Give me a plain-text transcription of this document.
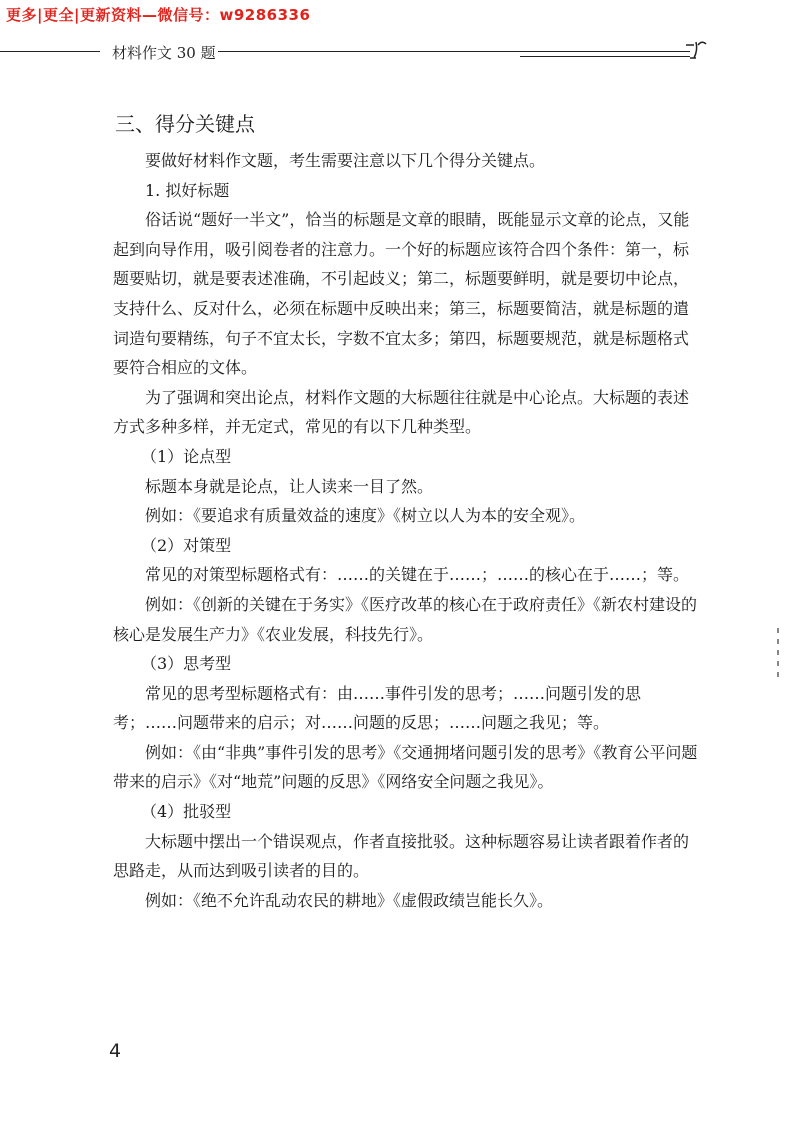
更多|更全|更新资料—微信号：w9286336
材料作文 30 题
三、得分关键点

要做好材料作文题，考生需要注意以下几个得分关键点。

1. 拟好标题

俗话说“题好一半文”，恰当的标题是文章的眼睛，既能显示文章的论点，又能起到向导作用，吸引阅卷者的注意力。一个好的标题应该符合四个条件：第一，标题要贴切，就是要表述准确，不引起歧义；第二，标题要鲜明，就是要切中论点，支持什么、反对什么，必须在标题中反映出来；第三，标题要简洁，就是标题的遣词造句要精练，句子不宜太长，字数不宜太多；第四，标题要规范，就是标题格式要符合相应的文体。

为了强调和突出论点，材料作文题的大标题往往就是中心论点。大标题的表述方式多种多样，并无定式，常见的有以下几种类型。

（1）论点型

标题本身就是论点，让人读来一目了然。

例如：《要追求有质量效益的速度》《树立以人为本的安全观》。

（2）对策型

常见的对策型标题格式有：……的关键在于……；……的核心在于……；等。

例如：《创新的关键在于务实》《医疗改革的核心在于政府责任》《新农村建设的核心是发展生产力》《农业发展，科技先行》。

（3）思考型

常见的思考型标题格式有：由……事件引发的思考；……问题引发的思考；……问题带来的启示；对……问题的反思；……问题之我见；等。

例如：《由“非典”事件引发的思考》《交通拥堵问题引发的思考》《教育公平问题带来的启示》《对“地荒”问题的反思》《网络安全问题之我见》。

（4）批驳型

大标题中摆出一个错误观点，作者直接批驳。这种标题容易让读者跟着作者的思路走，从而达到吸引读者的目的。

例如：《绝不允许乱动农民的耕地》《虚假政绩岂能长久》。

4
